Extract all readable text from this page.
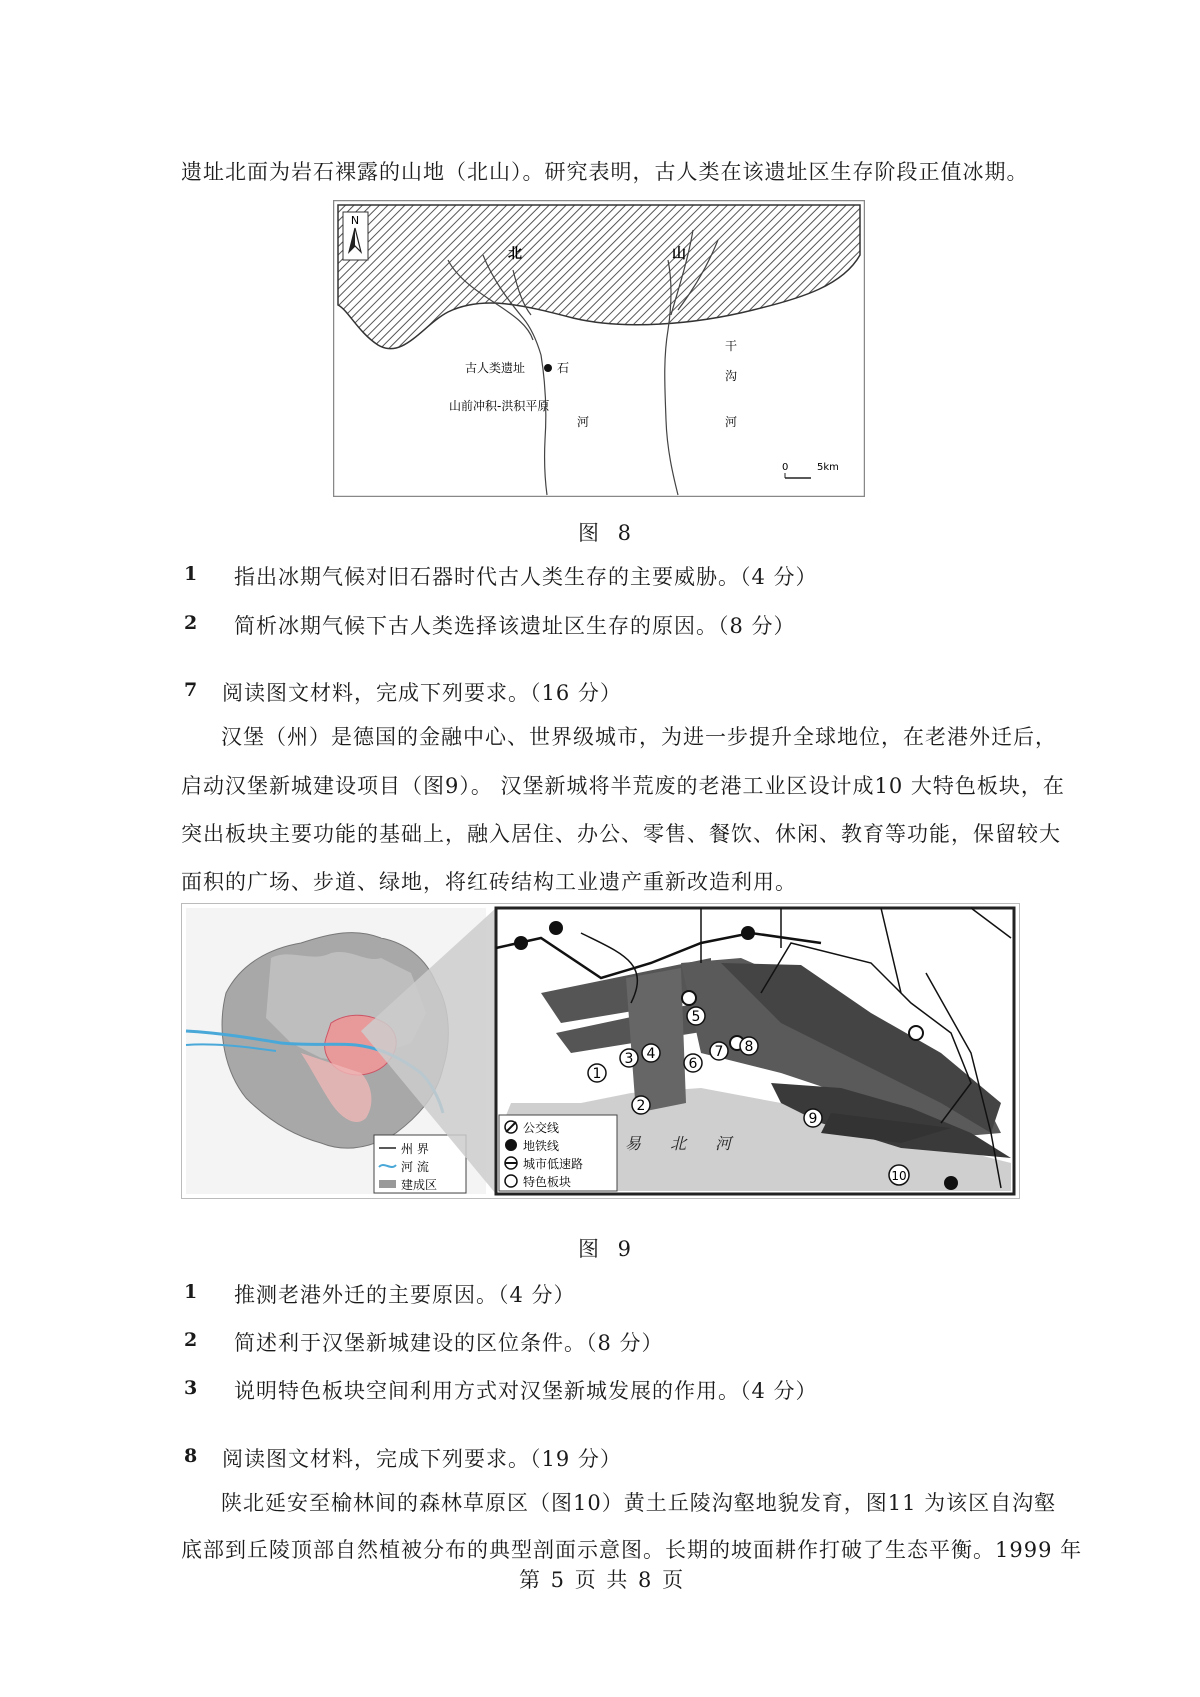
遗址北面为岩石裸露的山地（北山）。研究表明，古人类在该遗址区生存阶段正值冰期。
N
北	山
古人类遗址	石
河
山前冲积-洪积平原
干
沟
河
0	5km
图 8
1 指出冰期气候对旧石器时代古人类生存的主要威胁。（4 分）
2 简析冰期气候下古人类选择该遗址区生存的原因。（8 分）
7 阅读图文材料，完成下列要求。（16 分）
汉堡（州）是德国的金融中心、世界级城市，为进一步提升全球地位，在老港外迁后，
启动汉堡新城建设项目（图9）。 汉堡新城将半荒废的老港工业区设计成10 大特色板块，在
突出板块主要功能的基础上，融入居住、办公、零售、餐饮、休闲、教育等功能，保留较大
面积的广场、步道、绿地，将红砖结构工业遗产重新改造利用。
州 界
河 流
建成区
1
2
3 4
5
6
7 8
9
10
易 北 河
公交线
地铁线
城市低速路
特色板块
图 9
1 推测老港外迁的主要原因。（4 分）
2 简述利于汉堡新城建设的区位条件。（8 分）
3 说明特色板块空间利用方式对汉堡新城发展的作用。（4 分）
8 阅读图文材料，完成下列要求。（19 分）
陕北延安至榆林间的森林草原区（图10）黄土丘陵沟壑地貌发育，图11 为该区自沟壑
底部到丘陵顶部自然植被分布的典型剖面示意图。长期的坡面耕作打破了生态平衡。1999 年
第 5 页 共 8 页
